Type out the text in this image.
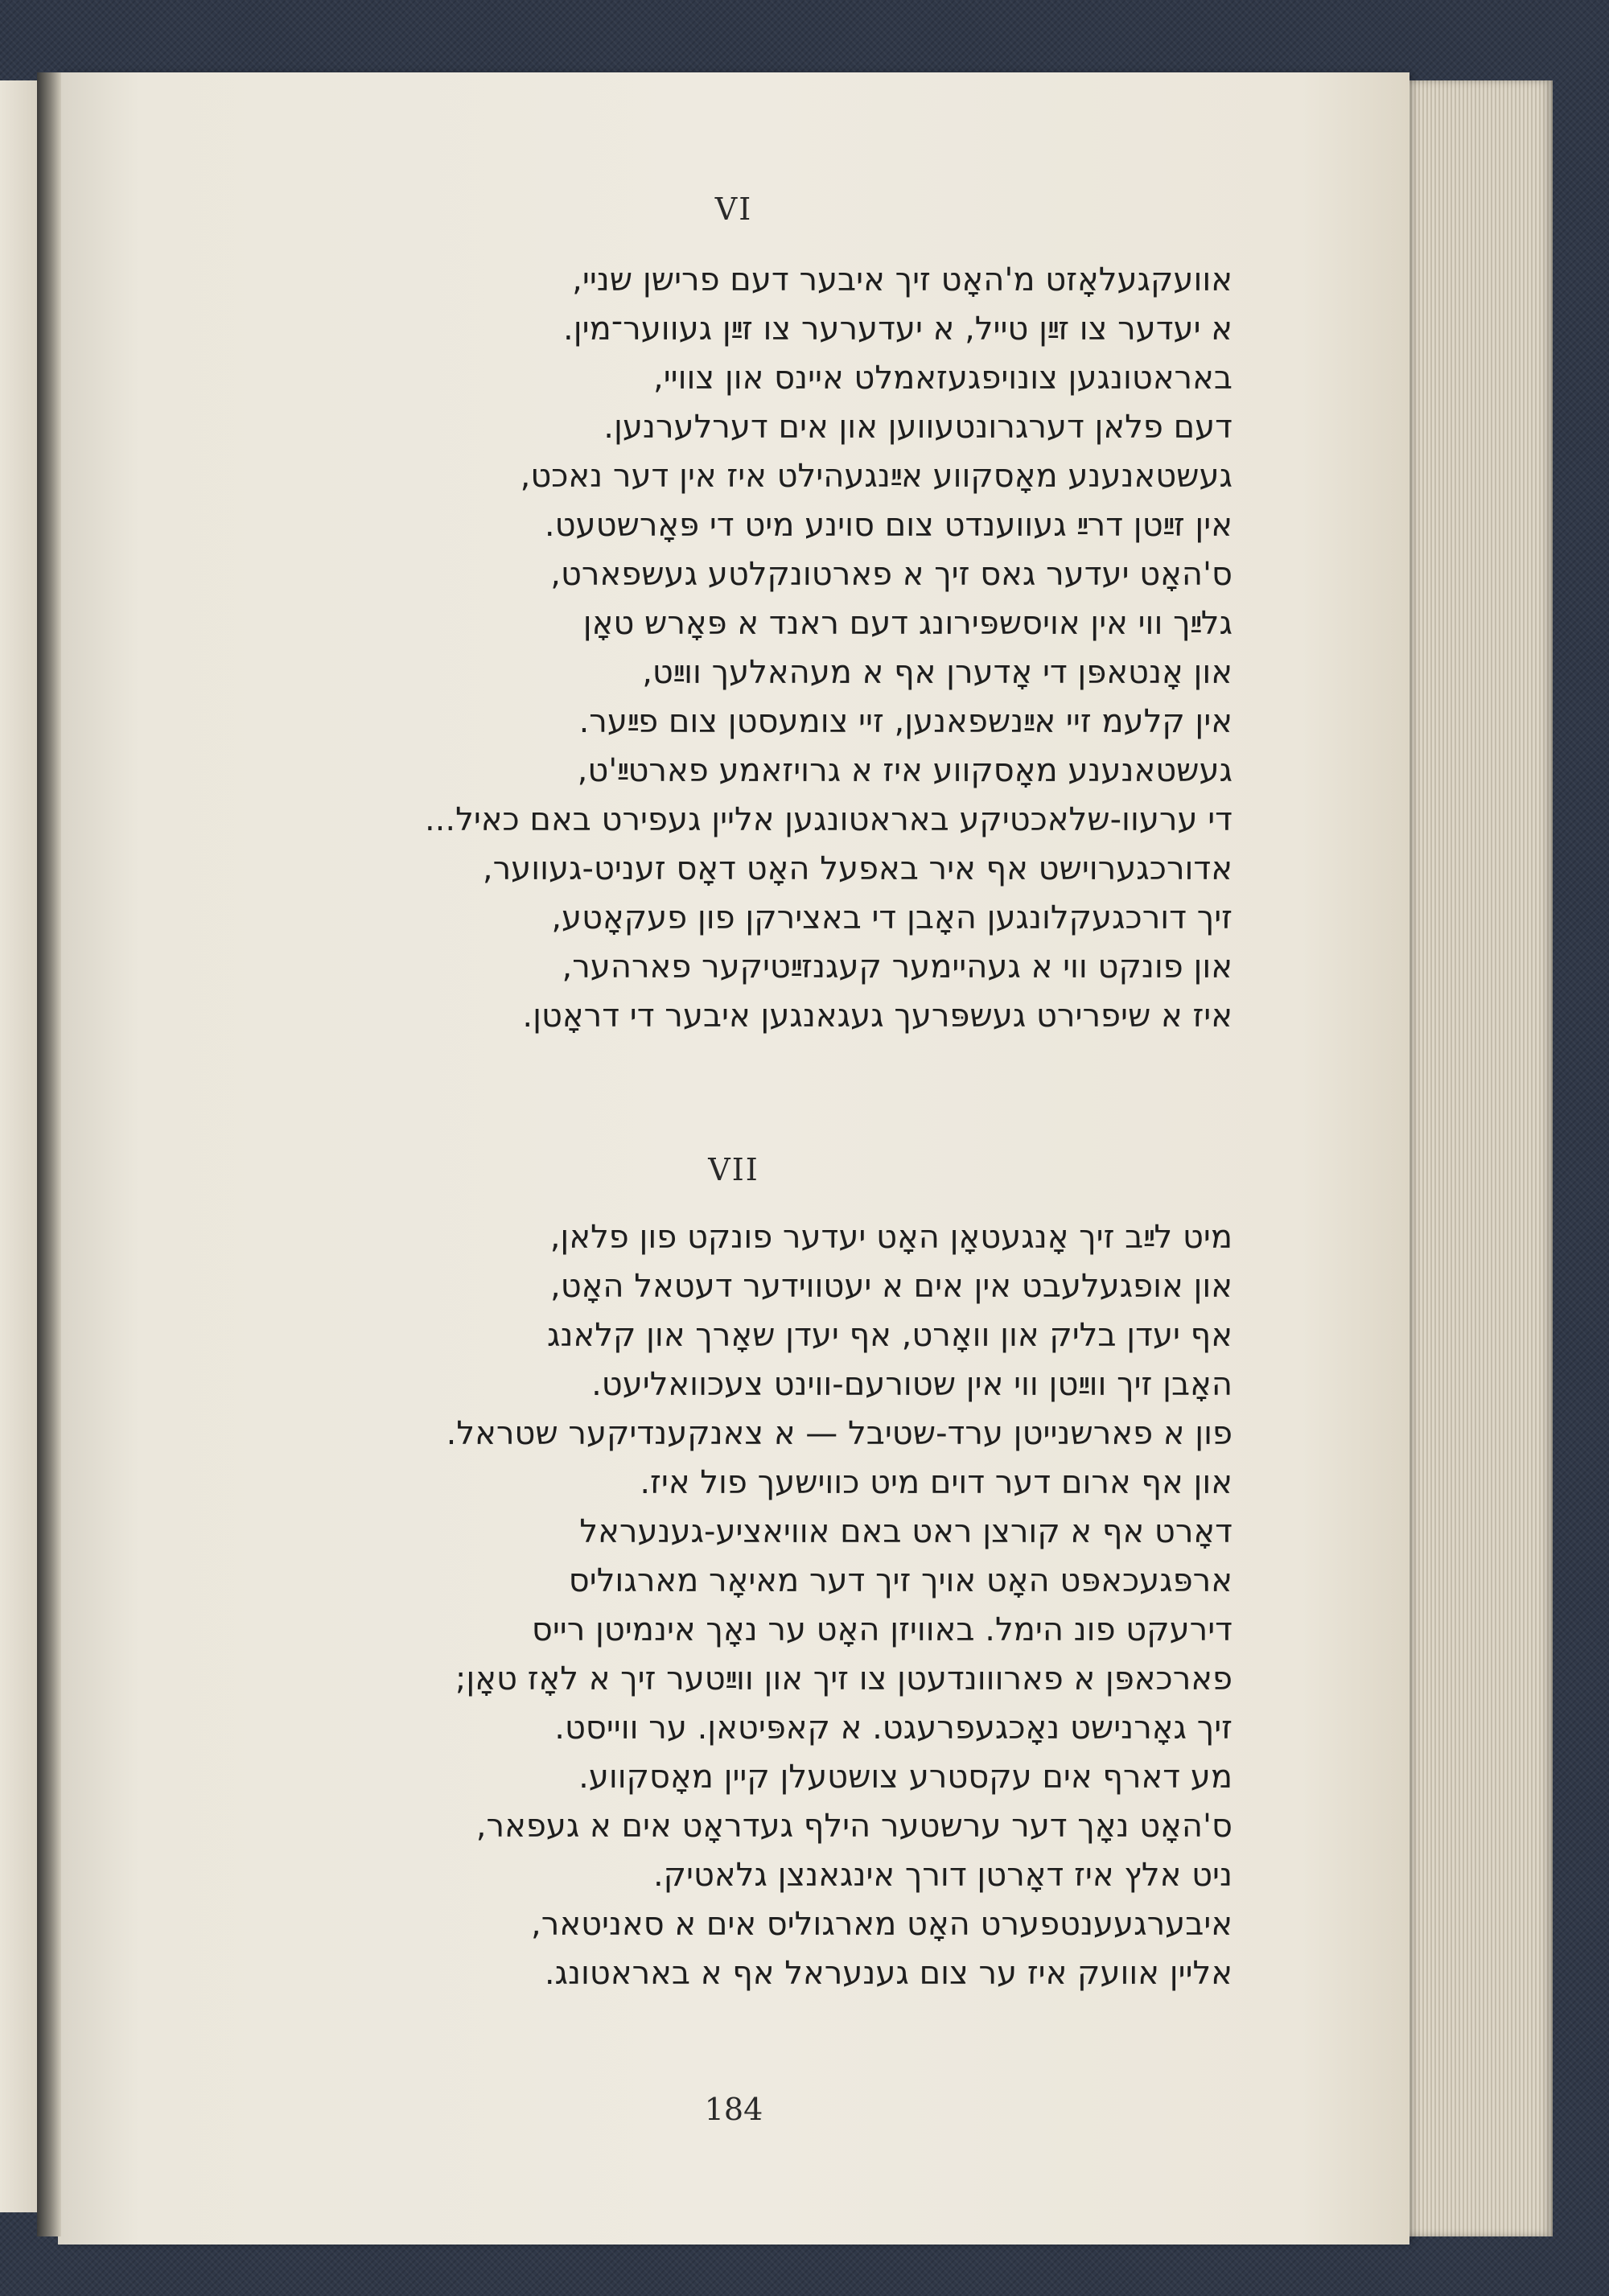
VI
אוועקגעלאָזט מ'האָט זיך איבער דעם פרישן שניי,
א יעדער צו זײַן טייל, א יעדערער צו זײַן געווער־מין.
באראטונגען צונויפגעזאמלט איינס און צוויי,
דעם פלאן דערגרונטעווען און אים דערלערנען.
געשטאנענע מאָסקווע אײַנגעהילט איז אין דער נאכט,
אין זײַטן דרײַ געווענדט צום סוינע מיט די פּאָרשטעט.
ס'האָט יעדער גאס זיך א פארטונקלטע געשפארט,
גלײַך ווי אין אויסשפּירונג דעם ראנד א פּאָרש טאָן
און אָנטאפּן די אָדערן אף א מעהאלעך ווײַט,
אין קלעמ זיי אײַנשפאנען, זיי צומעסטן צום פײַער.
געשטאנענע מאָסקווע איז א גרויזאמע פארטײַ'ט,
די ערעוו-שלאכטיקע באראטונגען אליין געפירט באם כאיל...
אדורכגערוישט אף איר באפעל האָט דאָס זעניט-געווער,
זיך דורכגעקלונגען האָבן די באצירקן פון פעקאָטע,
און פונקט ווי א געהיימער קעגנזײַטיקער פארהער,
איז א שיפרירט געשפּרעך געגאנגען איבער די דראָטן.
VII
מיט לײַב זיך אָנגעטאָן האָט יעדער פונקט פון פלאן,
און אופגעלעבט אין אים א יעטווידער דעטאל האָט,
אף יעדן בליק און וואָרט, אף יעדן שאָרך און קלאנג
האָבן זיך ווײַטן ווי אין שטורעם-ווינט צעכוואליעט.
פון א פארשנייטן ערד-שטיבל — א צאנקענדיקער שטראל.
און אף ארום דער דוים מיט כווישעך פול איז.
דאָרט אף א קורצן ראט באם אוויאציע-גענעראל
ארפּגעכאפּט האָט אויך זיך דער מאיאָר מארגוליס
דירעקט פונ הימל. באוויזן האָט ער נאָך אינמיטן רייס
פארכאפּן א פארווונדעטן צו זיך און ווײַטער זיך א לאָז טאָן;
זיך גאָרנישט נאָכגעפרעגט. א קאפּיטאן. ער ווייסט.
מע דארף אים עקסטרע צושטעלן קיין מאָסקווע.
ס'האָט נאָך דער ערשטער הילף געדראָט אים א געפאר,
ניט אלץ איז דאָרטן דורך אינגאנצן גלאטיק.
איבערגעענטפערט האָט מארגוליס אים א סאניטאר,
אליין אוועק איז ער צום גענעראל אף א באראטונג.
184
